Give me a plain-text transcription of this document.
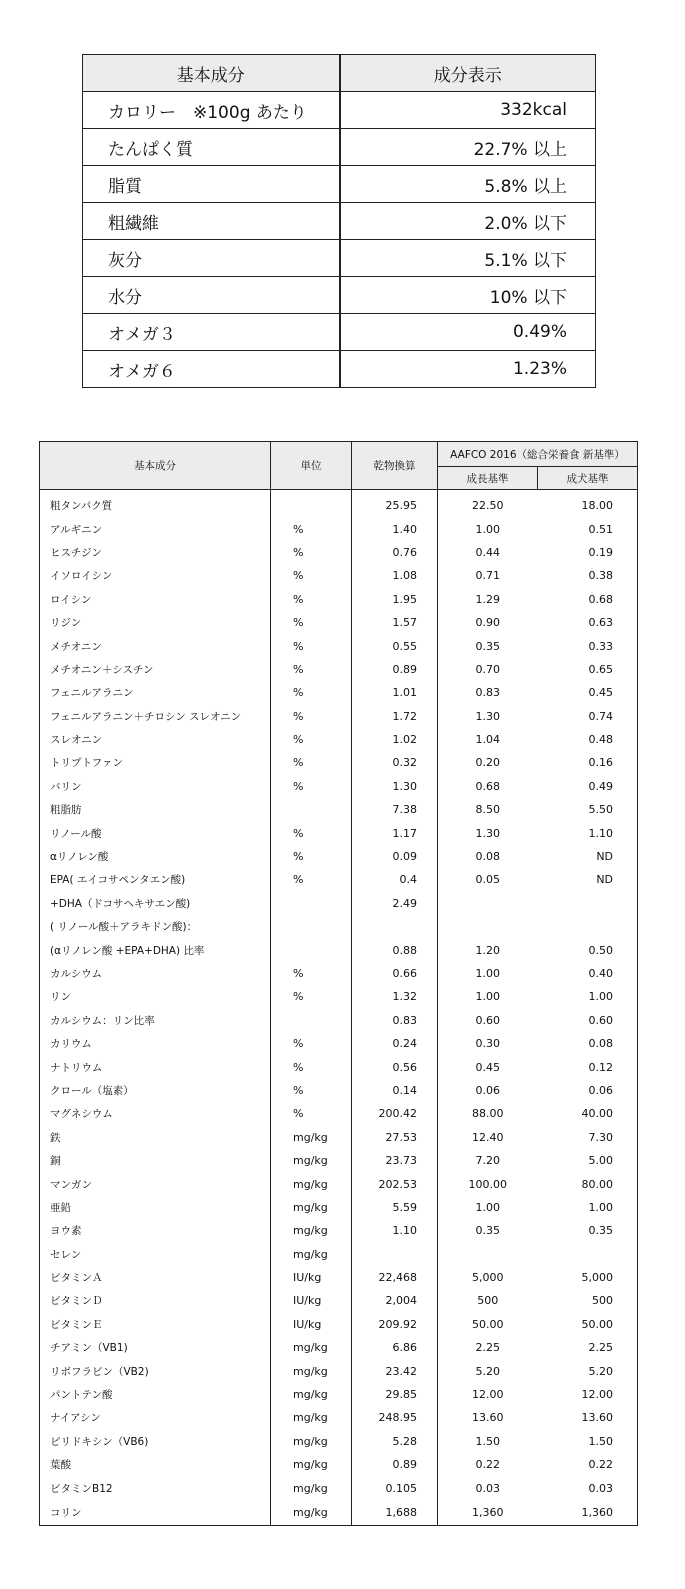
基本成分	成分表示
カロリー　※100g あたり	332kcal
たんぱく質	22.7% 以上
脂質	5.8% 以上
粗繊維	2.0% 以下
灰分	5.1% 以下
水分	10% 以下
オメガ３	0.49%
オメガ６	1.23%
基本成分	単位	乾物換算	AAFCO 2016（総合栄養食 新基準）	
			成長基準	成犬基準
粗タンパク質		25.95	22.50	18.00
アルギニン	%	1.40	1.00	0.51
ヒスチジン	%	0.76	0.44	0.19
イソロイシン	%	1.08	0.71	0.38
ロイシン	%	1.95	1.29	0.68
リジン	%	1.57	0.90	0.63
メチオニン	%	0.55	0.35	0.33
メチオニン＋シスチン	%	0.89	0.70	0.65
フェニルアラニン	%	1.01	0.83	0.45
フェニルアラニン＋チロシン スレオニン	%	1.72	1.30	0.74
スレオニン	%	1.02	1.04	0.48
トリプトファン	%	0.32	0.20	0.16
バリン	%	1.30	0.68	0.49
粗脂肪		7.38	8.50	5.50
リノール酸	%	1.17	1.30	1.10
αリノレン酸	%	0.09	0.08	ND
EPA( エイコサペンタエン酸)	%	0.4	0.05	ND
+DHA（ドコサヘキサエン酸)		2.49		
( リノール酸＋アラキドン酸)：				
(αリノレン酸 +EPA+DHA) 比率		0.88	1.20	0.50
カルシウム	%	0.66	1.00	0.40
リン	%	1.32	1.00	1.00
カルシウム：リン比率		0.83	0.60	0.60
カリウム	%	0.24	0.30	0.08
ナトリウム	%	0.56	0.45	0.12
クロール（塩素）	%	0.14	0.06	0.06
マグネシウム	%	200.42	88.00	40.00
鉄	mg/kg	27.53	12.40	7.30
銅	mg/kg	23.73	7.20	5.00
マンガン	mg/kg	202.53	100.00	80.00
亜鉛	mg/kg	5.59	1.00	1.00
ヨウ素	mg/kg	1.10	0.35	0.35
セレン	mg/kg			
ビタミンＡ	IU/kg	22,468	5,000	5,000
ビタミンＤ	IU/kg	2,004	500	500
ビタミンＥ	IU/kg	209.92	50.00	50.00
チアミン（VB1)	mg/kg	6.86	2.25	2.25
リボフラビン（VB2)	mg/kg	23.42	5.20	5.20
パントテン酸	mg/kg	29.85	12.00	12.00
ナイアシン	mg/kg	248.95	13.60	13.60
ピリドキシン（VB6)	mg/kg	5.28	1.50	1.50
葉酸	mg/kg	0.89	0.22	0.22
ビタミンB12	mg/kg	0.105	0.03	0.03
コリン	mg/kg	1,688	1,360	1,360
